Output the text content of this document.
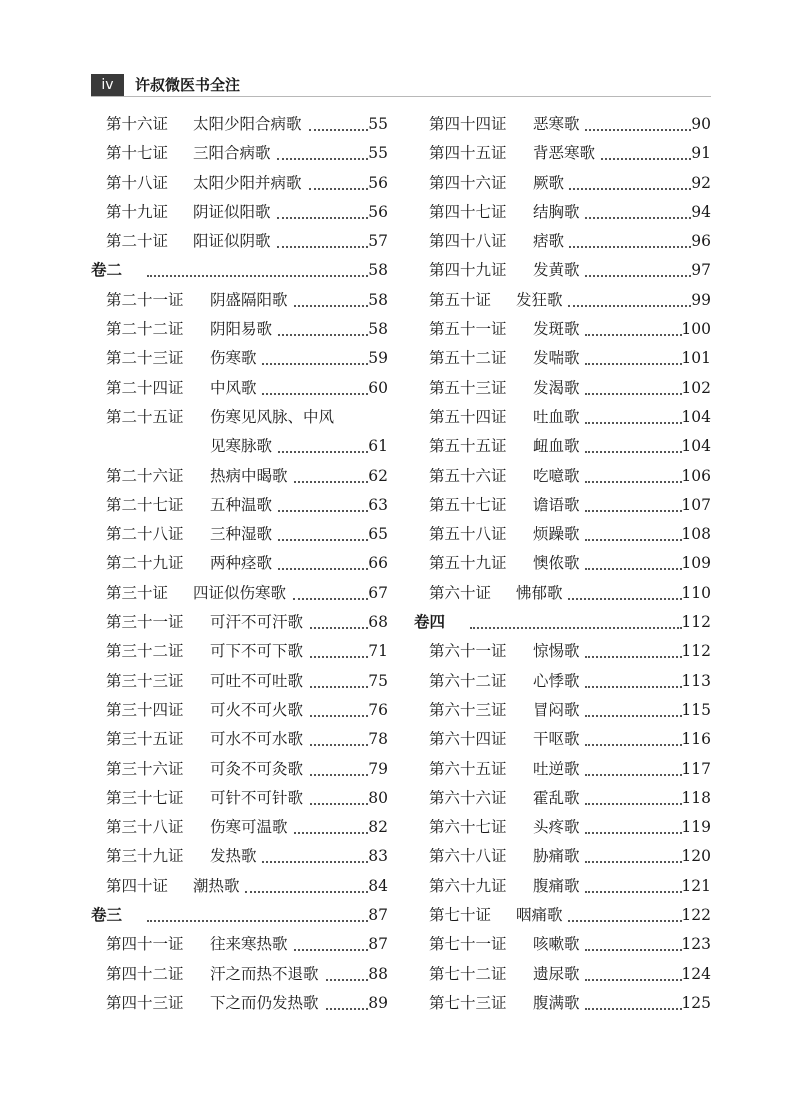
iv	许叔微医书全注
第十六证 太阳少阳合病歌	55
第十七证 三阳合病歌	55
第十八证 太阳少阳并病歌	56
第十九证 阴证似阳歌	56
第二十证 阳证似阴歌	57
卷二	58
第二十一证 阴盛隔阳歌	58
第二十二证 阴阳易歌	58
第二十三证 伤寒歌	59
第二十四证 中风歌	60
第二十五证 伤寒见风脉、中风
见寒脉歌	61
第二十六证 热病中暍歌	62
第二十七证 五种温歌	63
第二十八证 三种湿歌	65
第二十九证 两种痉歌	66
第三十证 四证似伤寒歌	67
第三十一证 可汗不可汗歌	68
第三十二证 可下不可下歌	71
第三十三证 可吐不可吐歌	75
第三十四证 可火不可火歌	76
第三十五证 可水不可水歌	78
第三十六证 可灸不可灸歌	79
第三十七证 可针不可针歌	80
第三十八证 伤寒可温歌	82
第三十九证 发热歌	83
第四十证 潮热歌	84
卷三	87
第四十一证 往来寒热歌	87
第四十二证 汗之而热不退歌	88
第四十三证 下之而仍发热歌	89
第四十四证 恶寒歌	90
第四十五证 背恶寒歌	91
第四十六证 厥歌	92
第四十七证 结胸歌	94
第四十八证 痞歌	96
第四十九证 发黄歌	97
第五十证 发狂歌	99
第五十一证 发斑歌	100
第五十二证 发喘歌	101
第五十三证 发渴歌	102
第五十四证 吐血歌	104
第五十五证 衄血歌	104
第五十六证 吃噫歌	106
第五十七证 谵语歌	107
第五十八证 烦躁歌	108
第五十九证 懊侬歌	109
第六十证 怫郁歌	110
卷四	112
第六十一证 惊惕歌	112
第六十二证 心悸歌	113
第六十三证 冒闷歌	115
第六十四证 干呕歌	116
第六十五证 吐逆歌	117
第六十六证 霍乱歌	118
第六十七证 头疼歌	119
第六十八证 胁痛歌	120
第六十九证 腹痛歌	121
第七十证 咽痛歌	122
第七十一证 咳嗽歌	123
第七十二证 遗尿歌	124
第七十三证 腹满歌	125
